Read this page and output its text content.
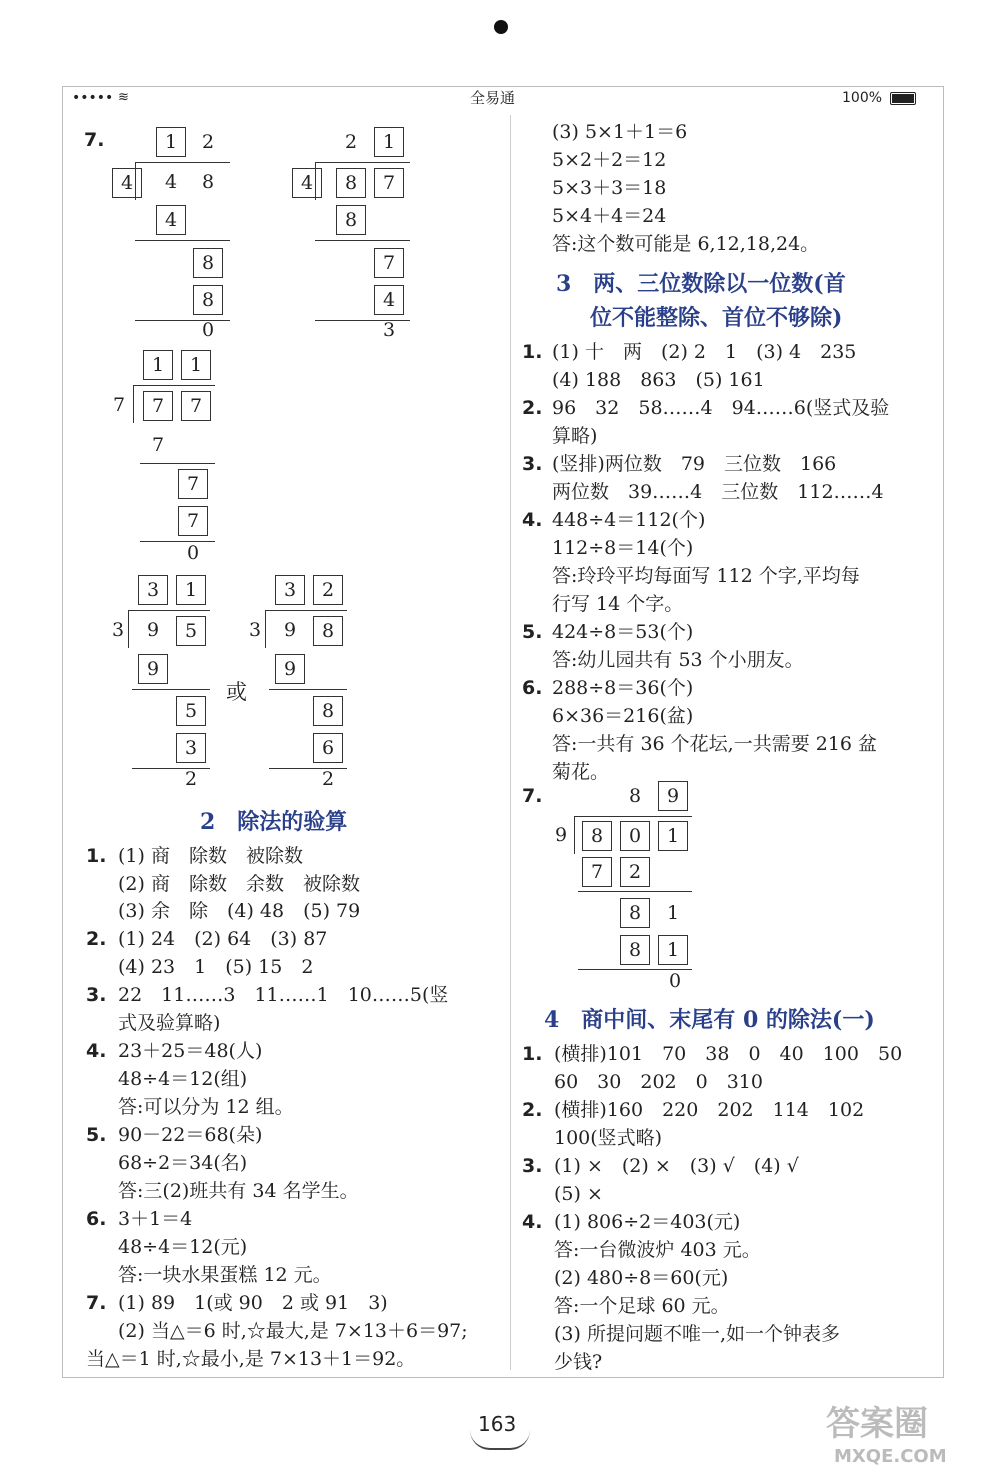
••••• ≋	全易通	100%
7.	1	2
4	4	8
4
8
8
0
2	1
4	8	7
8
7
4
3
1	1
7	7	7
7
7
7
0
3	1
3	9	5
9
5
3
2
或
3	2
3	9	8
9
8
6
2
2　除法的验算
1. (1) 商　除数　被除数
(2) 商　除数　余数　被除数
(3) 余　除　(4) 48　(5) 79
2. (1) 24　(2) 64　(3) 87
(4) 23　1　(5) 15　2
3. 22　11……3　11……1　10……5(竖
式及验算略)
4. 23＋25＝48(人)
48÷4＝12(组)
答:可以分为 12 组。
5. 90－22＝68(朵)
68÷2＝34(名)
答:三(2)班共有 34 名学生。
6. 3＋1＝4
48÷4＝12(元)
答:一块水果蛋糕 12 元。
7. (1) 89　1(或 90　2 或 91　3)
(2) 当△＝6 时,☆最大,是 7×13＋6＝97;
当△＝1 时,☆最小,是 7×13＋1＝92。
(3) 5×1＋1＝6
5×2＋2＝12
5×3＋3＝18
5×4＋4＝24
答:这个数可能是 6,12,18,24。
3　两、三位数除以一位数(首
位不能整除、首位不够除)
1. (1) 十　两　(2) 2　1　(3) 4　235
(4) 188　863　(5) 161
2. 96　32　58……4　94……6(竖式及验
算略)
3. (竖排)两位数　79　三位数　166
两位数　39……4　三位数　112……4
4. 448÷4＝112(个)
112÷8＝14(个)
答:玲玲平均每面写 112 个字,平均每
行写 14 个字。
5. 424÷8＝53(个)
答:幼儿园共有 53 个小朋友。
6. 288÷8＝36(个)
6×36＝216(盆)
答:一共有 36 个花坛,一共需要 216 盆
菊花。
7.	8	9
9	8	0	1
7	2
8	1
8	1
0
4　商中间、末尾有 0 的除法(一)
1. (横排)101　70　38　0　40　100　50
60　30　202　0　310
2. (横排)160　220　202　114　102
100(竖式略)
3. (1) ×　(2) ×　(3) √　(4) √
(5) ×
4. (1) 806÷2＝403(元)
答:一台微波炉 403 元。
(2) 480÷8＝60(元)
答:一个足球 60 元。
(3) 所提问题不唯一,如一个钟表多
少钱?
163	答案圈
MXQE.COM
